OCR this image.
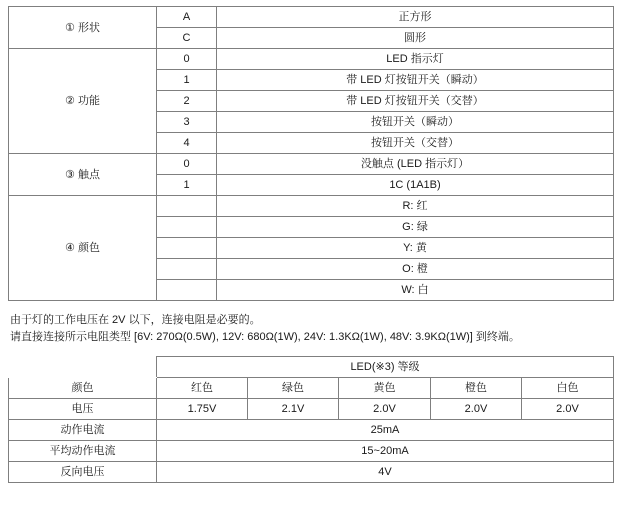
① 形状	A	正方形
	C	圆形
② 功能	0	LED 指示灯
	1	带 LED 灯按钮开关（瞬动）
	2	带 LED 灯按钮开关（交替）
	3	按钮开关（瞬动）
	4	按钮开关（交替）
③ 触点	0	没触点 (LED 指示灯）
	1	1C (1A1B)
④ 颜色		R: 红
		G: 绿
		Y: 黄
		O: 橙
		W: 白
由于灯的工作电压在 2V 以下，连接电阻是必要的。
请直接连接所示电阻类型 [6V: 270Ω(0.5W), 12V: 680Ω(1W), 24V: 1.3KΩ(1W), 48V: 3.9KΩ(1W)] 到终端。
	LED(※3) 等级				
颜色	红色	绿色	黄色	橙色	白色
电压	1.75V	2.1V	2.0V	2.0V	2.0V
动作电流	25mA				
平均动作电流	15~20mA				
反向电压	4V				
